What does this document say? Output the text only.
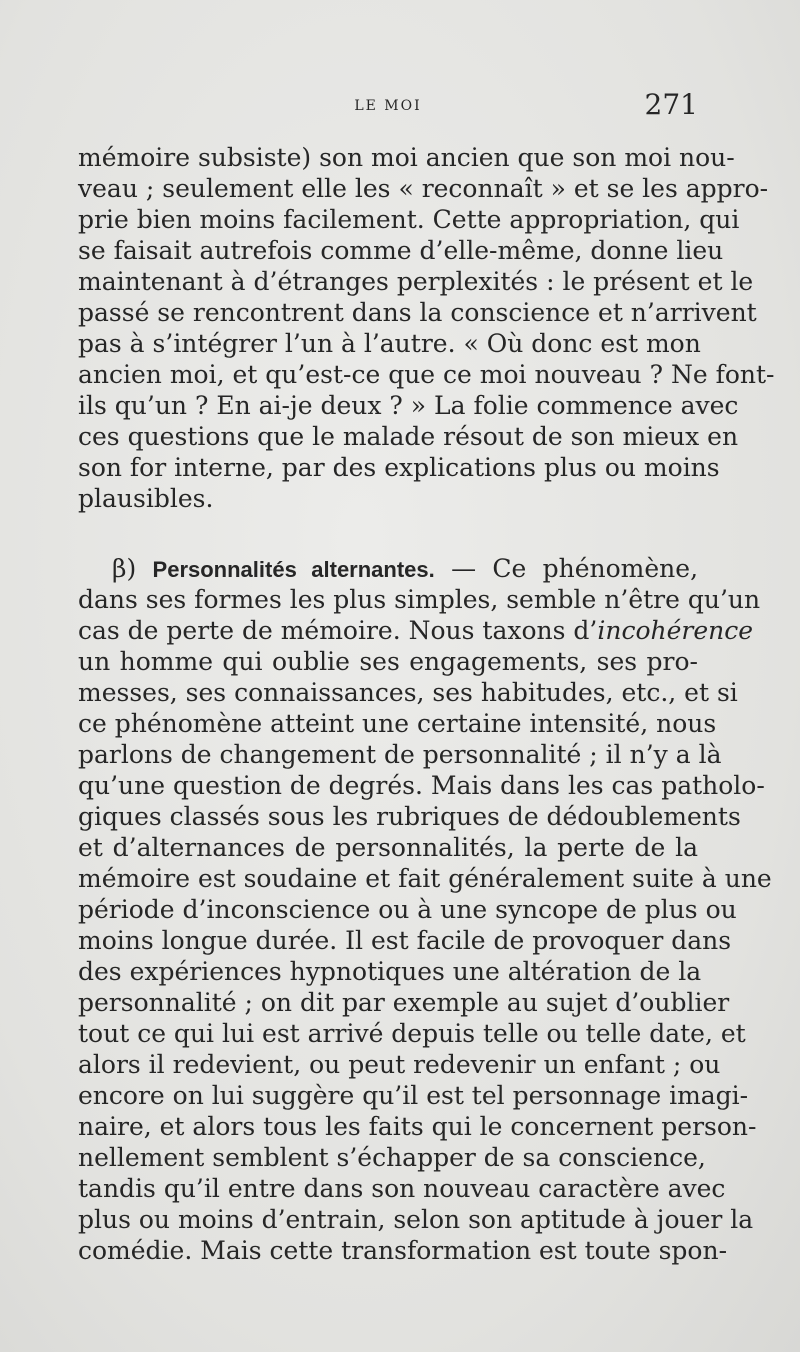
LE MOI	271
mémoire subsiste) son moi ancien que son moi nou-
veau ; seulement elle les « reconnaît » et se les appro-
prie bien moins facilement. Cette appropriation, qui
se faisait autrefois comme d’elle-même, donne lieu
maintenant à d’étranges perplexités : le présent et le
passé se rencontrent dans la conscience et n’arrivent
pas à s’intégrer l’un à l’autre. « Où donc est mon
ancien moi, et qu’est-ce que ce moi nouveau ? Ne font-
ils qu’un ? En ai-je deux ? » La folie commence avec
ces questions que le malade résout de son mieux en
son for interne, par des explications plus ou moins
plausibles.
β) Personnalités alternantes. — Ce phénomène,
dans ses formes les plus simples, semble n’être qu’un
cas de perte de mémoire. Nous taxons d’incohérence
un homme qui oublie ses engagements, ses pro-
messes, ses connaissances, ses habitudes, etc., et si
ce phénomène atteint une certaine intensité, nous
parlons de changement de personnalité ; il n’y a là
qu’une question de degrés. Mais dans les cas patholo-
giques classés sous les rubriques de dédoublements
et d’alternances de personnalités, la perte de la
mémoire est soudaine et fait généralement suite à une
période d’inconscience ou à une syncope de plus ou
moins longue durée. Il est facile de provoquer dans
des expériences hypnotiques une altération de la
personnalité ; on dit par exemple au sujet d’oublier
tout ce qui lui est arrivé depuis telle ou telle date, et
alors il redevient, ou peut redevenir un enfant ; ou
encore on lui suggère qu’il est tel personnage imagi-
naire, et alors tous les faits qui le concernent person-
nellement semblent s’échapper de sa conscience,
tandis qu’il entre dans son nouveau caractère avec
plus ou moins d’entrain, selon son aptitude à jouer la
comédie. Mais cette transformation est toute spon-
